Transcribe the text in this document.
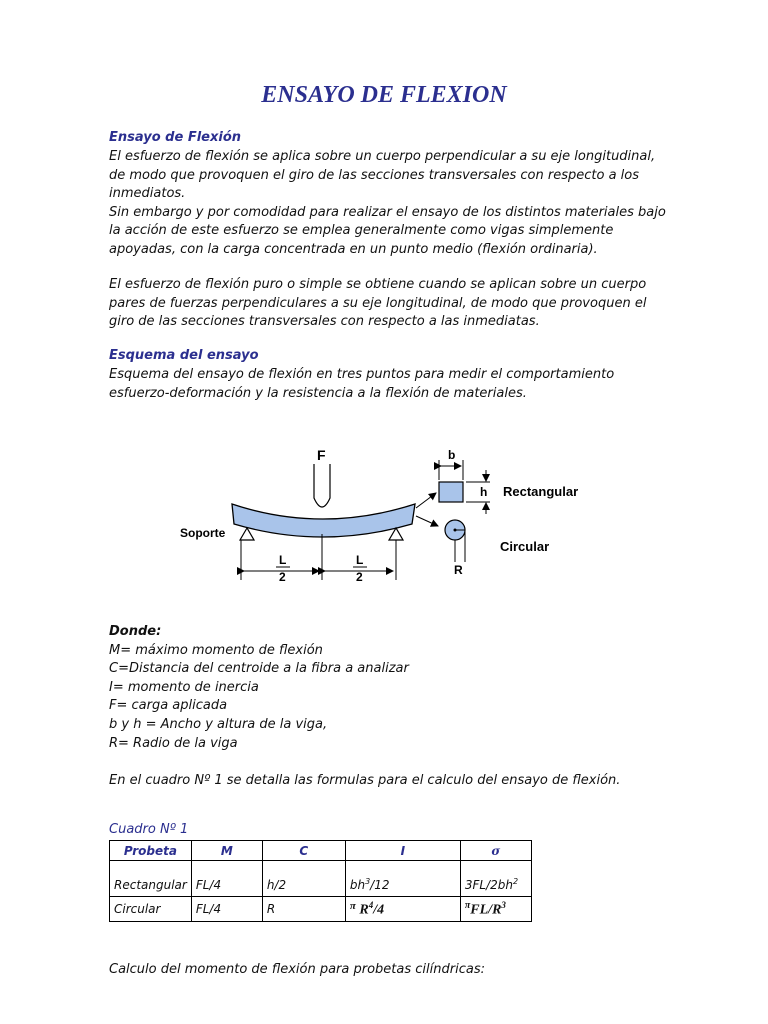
ENSAYO DE FLEXION
Ensayo de Flexión
El esfuerzo de flexión se aplica sobre un cuerpo perpendicular a su eje longitudinal,
de modo que provoquen el giro de las secciones transversales con respecto a los
inmediatos.
Sin embargo y por comodidad para realizar el ensayo de los distintos materiales bajo
la acción de este esfuerzo se emplea generalmente como vigas simplemente
apoyadas, con la carga concentrada en un punto medio (flexión ordinaria).
El esfuerzo de flexión puro o simple se obtiene cuando se aplican sobre un cuerpo
pares de fuerzas perpendiculares a su eje longitudinal, de modo que provoquen el
giro de las secciones transversales con respecto a las inmediatas.
Esquema del ensayo
Esquema del ensayo de flexión en tres puntos para medir el comportamiento
esfuerzo-deformación y la resistencia a la flexión de materiales.
F
Soporte
L
2
L
2
b
h Rectangular
R
Circular
Donde:
M= máximo momento de flexión
C=Distancia del centroide a la fibra a analizar
I= momento de inercia
F= carga aplicada
b y h = Ancho y altura de la viga,
R= Radio de la viga
En el cuadro Nº 1 se detalla las formulas para el calculo del ensayo de flexión.
Cuadro Nº 1
Probeta	M	C	I	σ
Rectangular	FL/4	h/2	$bh^3/12$	$3FL/2bh^2$
Circular	FL/4	R	$^\pi$ $R^4/4$	$^\pi FL/R^3$
Calculo del momento de flexión para probetas cilíndricas:
